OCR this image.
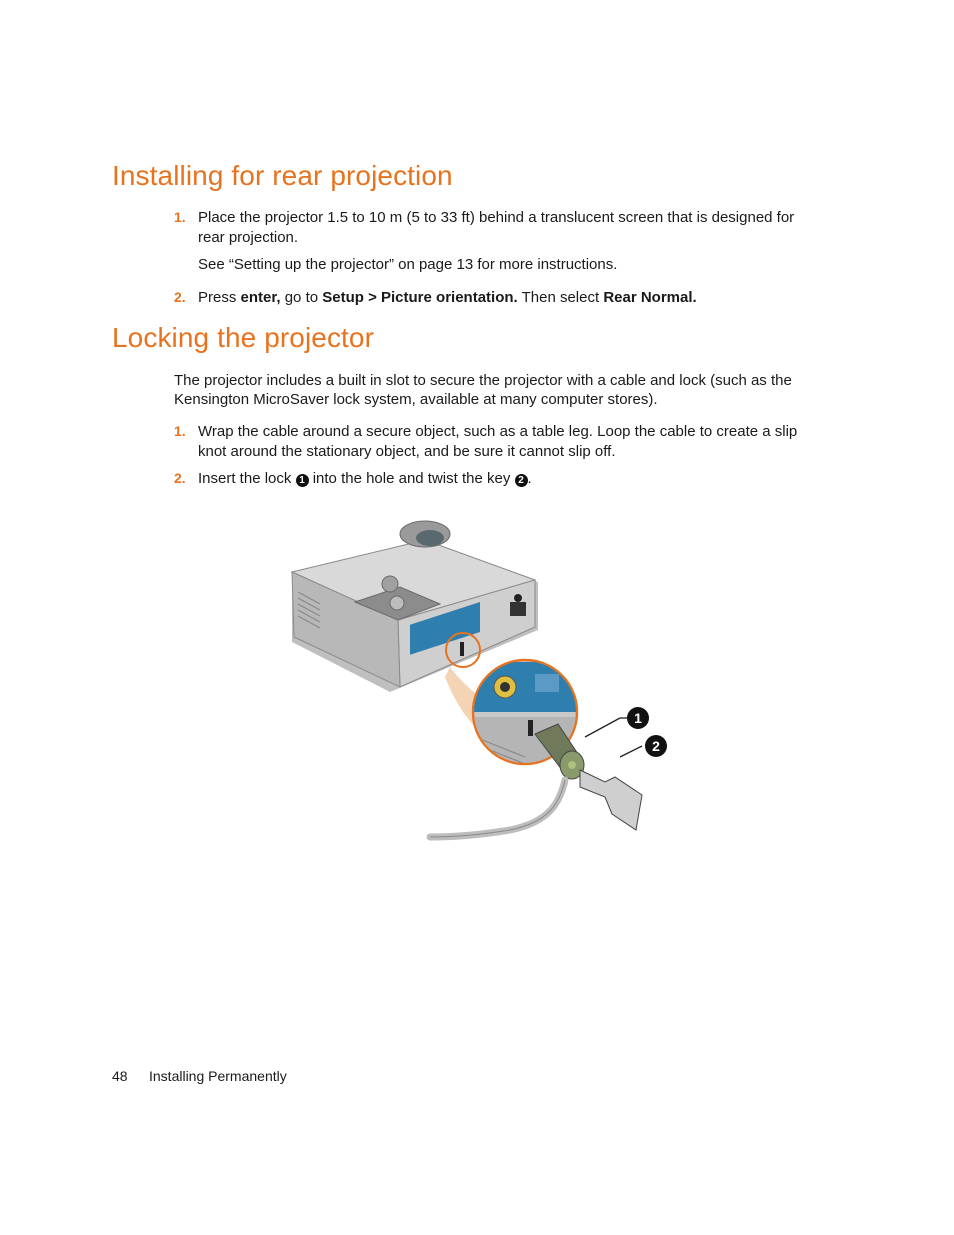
Installing for rear projection
1. Place the projector 1.5 to 10 m (5 to 33 ft) behind a translucent screen that is designed for rear projection.
See “Setting up the projector” on page 13 for more instructions.
2. Press enter, go to Setup > Picture orientation. Then select Rear Normal.
Locking the projector
The projector includes a built in slot to secure the projector with a cable and lock (such as the Kensington MicroSaver lock system, available at many computer stores).
1. Wrap the cable around a secure object, such as a table leg. Loop the cable to create a slip knot around the stationary object, and be sure it cannot slip off.
2. Insert the lock 1 into the hole and twist the key 2 .
1
2
48 Installing Permanently
